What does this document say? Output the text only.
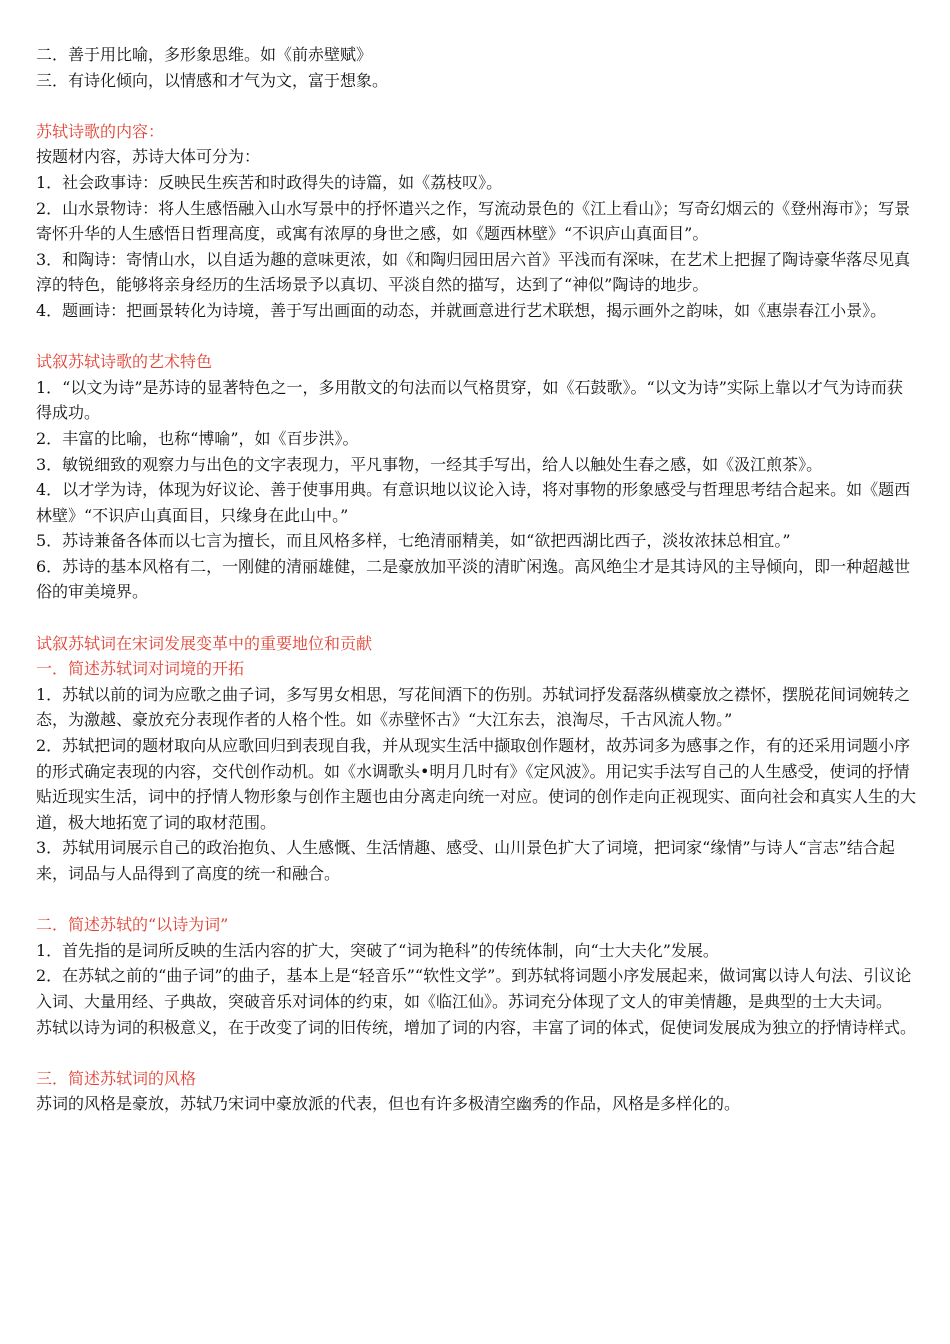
二．善于用比喻，多形象思维。如《前赤壁赋》

三．有诗化倾向，以情感和才气为文，富于想象。

苏轼诗歌的内容：

按题材内容，苏诗大体可分为：

1．社会政事诗：反映民生疾苦和时政得失的诗篇，如《荔枝叹》。

2．山水景物诗：将人生感悟融入山水写景中的抒怀遣兴之作，写流动景色的《江上看山》；写奇幻烟云的《登州海市》；写景寄怀升华的人生感悟日哲理高度，或寓有浓厚的身世之感，如《题西林壁》“不识庐山真面目”。

3．和陶诗：寄情山水，以自适为趣的意味更浓，如《和陶归园田居六首》平浅而有深味，在艺术上把握了陶诗豪华落尽见真淳的特色，能够将亲身经历的生活场景予以真切、平淡自然的描写，达到了“神似”陶诗的地步。

4．题画诗：把画景转化为诗境，善于写出画面的动态，并就画意进行艺术联想，揭示画外之韵味，如《惠崇春江小景》。

试叙苏轼诗歌的艺术特色

1．“以文为诗”是苏诗的显著特色之一，多用散文的句法而以气格贯穿，如《石鼓歌》。“以文为诗”实际上靠以才气为诗而获得成功。

2．丰富的比喻，也称“博喻”，如《百步洪》。

3．敏锐细致的观察力与出色的文字表现力，平凡事物，一经其手写出，给人以触处生春之感，如《汲江煎茶》。

4．以才学为诗，体现为好议论、善于使事用典。有意识地以议论入诗，将对事物的形象感受与哲理思考结合起来。如《题西林壁》“不识庐山真面目，只缘身在此山中。”

5．苏诗兼备各体而以七言为擅长，而且风格多样，七绝清丽精美，如“欲把西湖比西子，淡妆浓抹总相宜。”

6．苏诗的基本风格有二，一刚健的清丽雄健，二是豪放加平淡的清旷闲逸。高风绝尘才是其诗风的主导倾向，即一种超越世俗的审美境界。

试叙苏轼词在宋词发展变革中的重要地位和贡献

一．简述苏轼词对词境的开拓

1．苏轼以前的词为应歌之曲子词，多写男女相思，写花间酒下的伤别。苏轼词抒发磊落纵横豪放之襟怀，摆脱花间词婉转之态，为激越、豪放充分表现作者的人格个性。如《赤壁怀古》“大江东去，浪淘尽，千古风流人物。”

2．苏轼把词的题材取向从应歌回归到表现自我，并从现实生活中撷取创作题材，故苏词多为感事之作，有的还采用词题小序的形式确定表现的内容，交代创作动机。如《水调歌头•明月几时有》《定风波》。用记实手法写自己的人生感受，使词的抒情贴近现实生活，词中的抒情人物形象与创作主题也由分离走向统一对应。使词的创作走向正视现实、面向社会和真实人生的大道，极大地拓宽了词的取材范围。

3．苏轼用词展示自己的政治抱负、人生感慨、生活情趣、感受、山川景色扩大了词境，把词家“缘情”与诗人“言志”结合起来，词品与人品得到了高度的统一和融合。

二．简述苏轼的“以诗为词”

1．首先指的是词所反映的生活内容的扩大，突破了“词为艳科”的传统体制，向“士大夫化”发展。

2．在苏轼之前的“曲子词”的曲子，基本上是“轻音乐”“软性文学”。到苏轼将词题小序发展起来，做词寓以诗人句法、引议论入词、大量用经、子典故，突破音乐对词体的约束，如《临江仙》。苏词充分体现了文人的审美情趣，是典型的士大夫词。

苏轼以诗为词的积极意义，在于改变了词的旧传统，增加了词的内容，丰富了词的体式，促使词发展成为独立的抒情诗样式。

三．简述苏轼词的风格

苏词的风格是豪放，苏轼乃宋词中豪放派的代表，但也有许多极清空幽秀的作品，风格是多样化的。
